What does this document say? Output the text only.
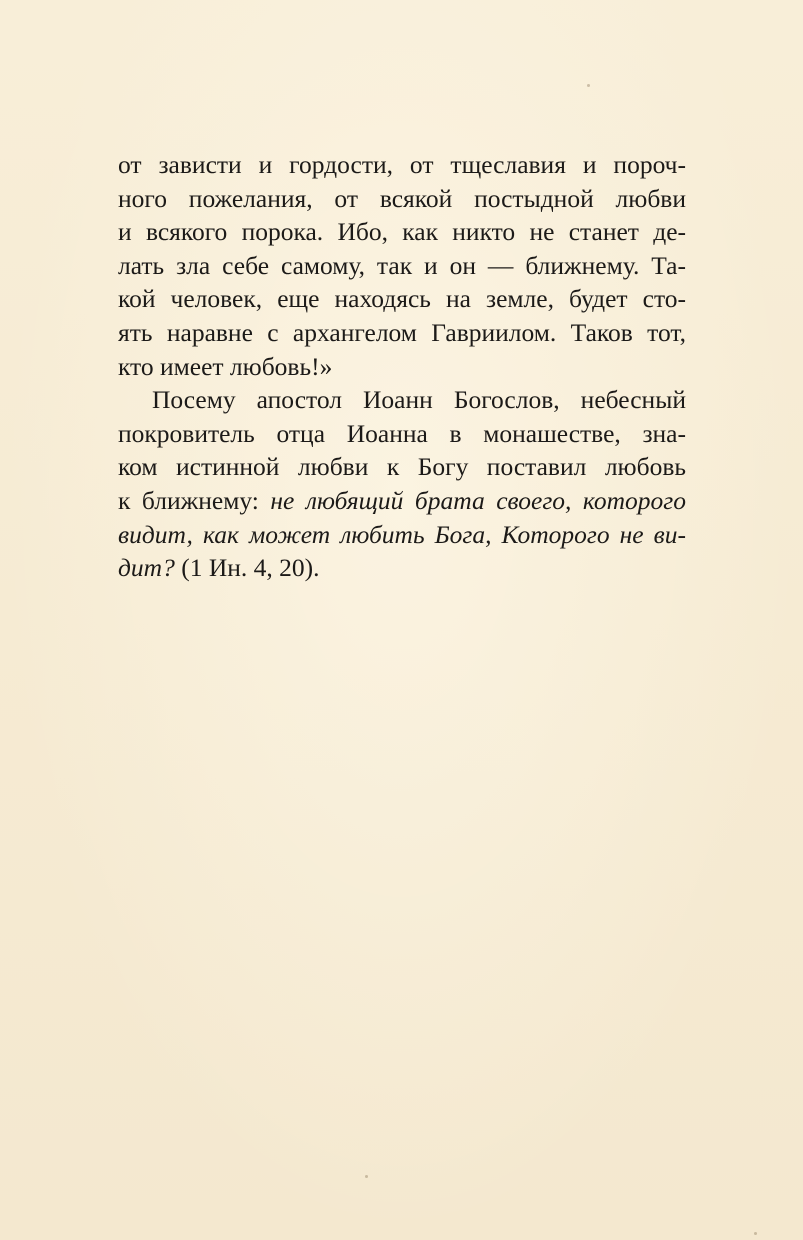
от зависти и гордости, от тщеславия и пороч-
ного пожелания, от всякой постыдной любви
и всякого порока. Ибо, как никто не станет де-
лать зла себе самому, так и он — ближнему. Та-
кой человек, еще находясь на земле, будет сто-
ять наравне с архангелом Гавриилом. Таков тот,
кто имеет любовь!»
Посему апостол Иоанн Богослов, небесный
покровитель отца Иоанна в монашестве, зна-
ком истинной любви к Богу поставил любовь
к ближнему: не любящий брата своего, которого
видит, как может любить Бога, Которого не ви-
дит? (1 Ин. 4, 20).
